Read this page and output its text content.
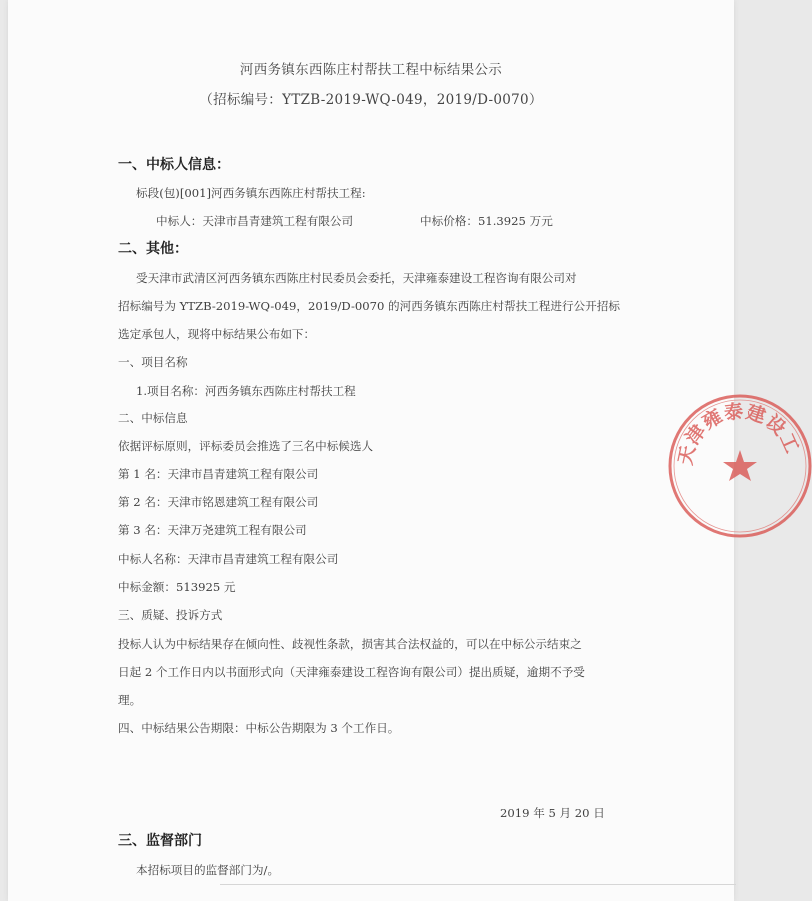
河西务镇东西陈庄村帮扶工程中标结果公示
（招标编号：YTZB-2019-WQ-049，2019/D-0070）
一、中标人信息：
标段(包)[001]河西务镇东西陈庄村帮扶工程:
中标人：天津市昌青建筑工程有限公司	中标价格：51.3925 万元
二、其他：
受天津市武清区河西务镇东西陈庄村民委员会委托，天津雍泰建设工程咨询有限公司对
招标编号为 YTZB-2019-WQ-049，2019/D-0070 的河西务镇东西陈庄村帮扶工程进行公开招标
选定承包人，现将中标结果公布如下：
一、项目名称
1.项目名称：河西务镇东西陈庄村帮扶工程
二、中标信息
依据评标原则，评标委员会推选了三名中标候选人
第 1 名：天津市昌青建筑工程有限公司
第 2 名：天津市铭恩建筑工程有限公司
第 3 名：天津万尧建筑工程有限公司
中标人名称：天津市昌青建筑工程有限公司
中标金额：513925 元
三、质疑、投诉方式
投标人认为中标结果存在倾向性、歧视性条款，损害其合法权益的，可以在中标公示结束之
日起 2 个工作日内以书面形式向（天津雍泰建设工程咨询有限公司）提出质疑，逾期不予受
理。
四、中标结果公告期限：中标公告期限为 3 个工作日。
2019 年 5 月 20 日
三、监督部门
本招标项目的监督部门为/。
天津雍泰建设工
